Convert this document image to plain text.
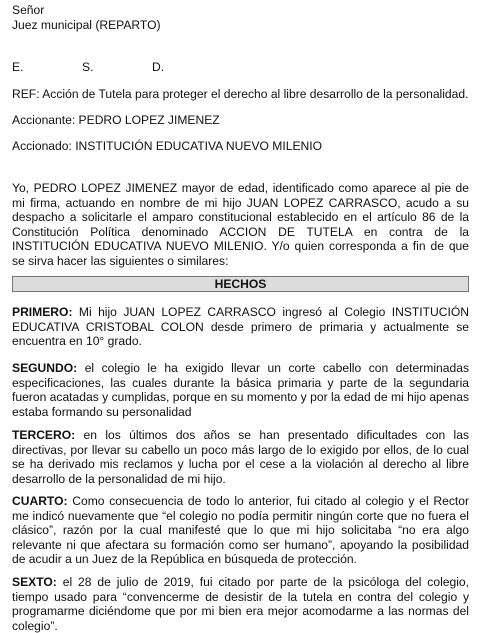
Señor
Juez municipal (REPARTO)
E.	S.	D.
REF: Acción de Tutela para proteger el derecho al libre desarrollo de la personalidad.
Accionante: PEDRO LOPEZ JIMENEZ
Accionado: INSTITUCIÓN EDUCATIVA NUEVO MILENIO
Yo, PEDRO LOPEZ JIMENEZ mayor de edad, identificado como aparece al pie de mi firma, actuando en nombre de mi hijo JUAN LOPEZ CARRASCO, acudo a su despacho a solicitarle el amparo constitucional establecido en el artículo 86 de la Constitución Política denominado ACCION DE TUTELA en contra de la INSTITUCIÓN EDUCATIVA NUEVO MILENIO. Y/o quien corresponda a fin de que se sirva hacer las siguientes o similares:
HECHOS
PRIMERO: Mi hijo JUAN LOPEZ CARRASCO ingresó al Colegio INSTITUCIÓN EDUCATIVA CRISTOBAL COLON desde primero de primaria y actualmente se encuentra en 10° grado.
SEGUNDO: el colegio le ha exigido llevar un corte cabello con determinadas especificaciones, las cuales durante la básica primaria y parte de la segundaria fueron acatadas y cumplidas, porque en su momento y por la edad de mi hijo apenas estaba formando su personalidad
TERCERO: en los últimos dos años se han presentado dificultades con las directivas, por llevar su cabello un poco más largo de lo exigido por ellos, de lo cual se ha derivado mis reclamos y lucha por el cese a la violación al derecho al libre desarrollo de la personalidad de mi hijo.
CUARTO: Como consecuencia de todo lo anterior, fui citado al colegio y el Rector me indicó nuevamente que “el colegio no podía permitir ningún corte que no fuera el clásico”, razón por la cual manifesté que lo que mi hijo solicitaba “no era algo relevante ni que afectara su formación como ser humano”, apoyando la posibilidad de acudir a un Juez de la República en búsqueda de protección.
SEXTO: el 28 de julio de 2019, fui citado por parte de la psicóloga del colegio, tiempo usado para “convencerme de desistir de la tutela en contra del colegio y programarme diciéndome que por mi bien era mejor acomodarme a las normas del colegio”.
